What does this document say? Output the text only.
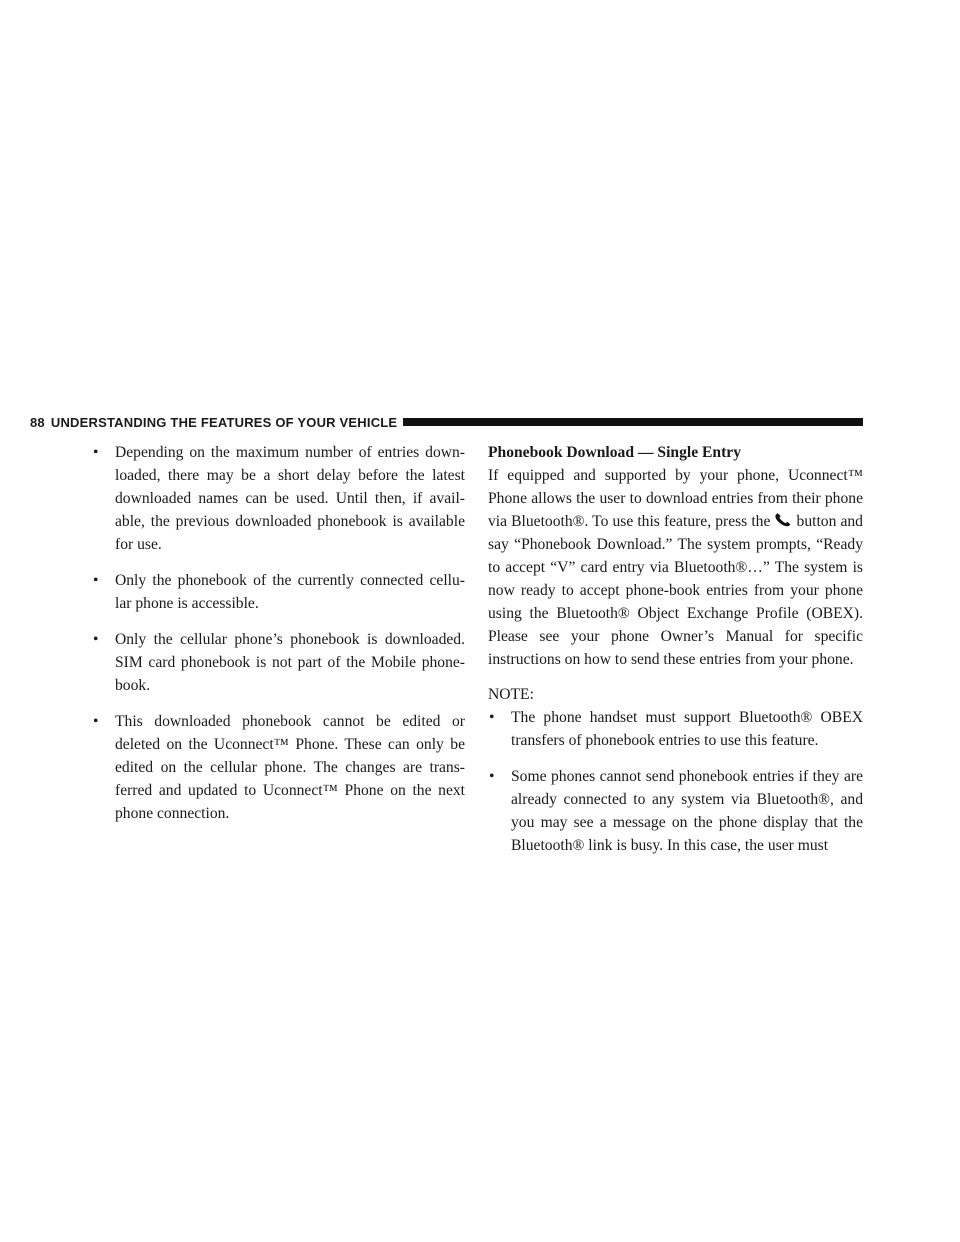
88 UNDERSTANDING THE FEATURES OF YOUR VEHICLE
• Depending on the maximum number of entries down-loaded, there may be a short delay before the latest downloaded names can be used. Until then, if avail-able, the previous downloaded phonebook is available for use.
• Only the phonebook of the currently connected cellu-lar phone is accessible.
• Only the cellular phone’s phonebook is downloaded. SIM card phonebook is not part of the Mobile phone-book.
• This downloaded phonebook cannot be edited or deleted on the Uconnect™ Phone. These can only be edited on the cellular phone. The changes are trans-ferred and updated to Uconnect™ Phone on the next phone connection.

Phonebook Download — Single Entry

If equipped and supported by your phone, Uconnect™ Phone allows the user to download entries from their phone via Bluetooth®. To use this feature, press the button and say “Phonebook Download.” The system prompts, “Ready to accept “V” card entry via Bluetooth®…” The system is now ready to accept phone-book entries from your phone using the Bluetooth® Object Exchange Profile (OBEX). Please see your phone Owner’s Manual for specific instructions on how to send these entries from your phone.

NOTE:

• The phone handset must support Bluetooth® OBEX transfers of phonebook entries to use this feature.
• Some phones cannot send phonebook entries if they are already connected to any system via Bluetooth®, and you may see a message on the phone display that the Bluetooth® link is busy. In this case, the user must
